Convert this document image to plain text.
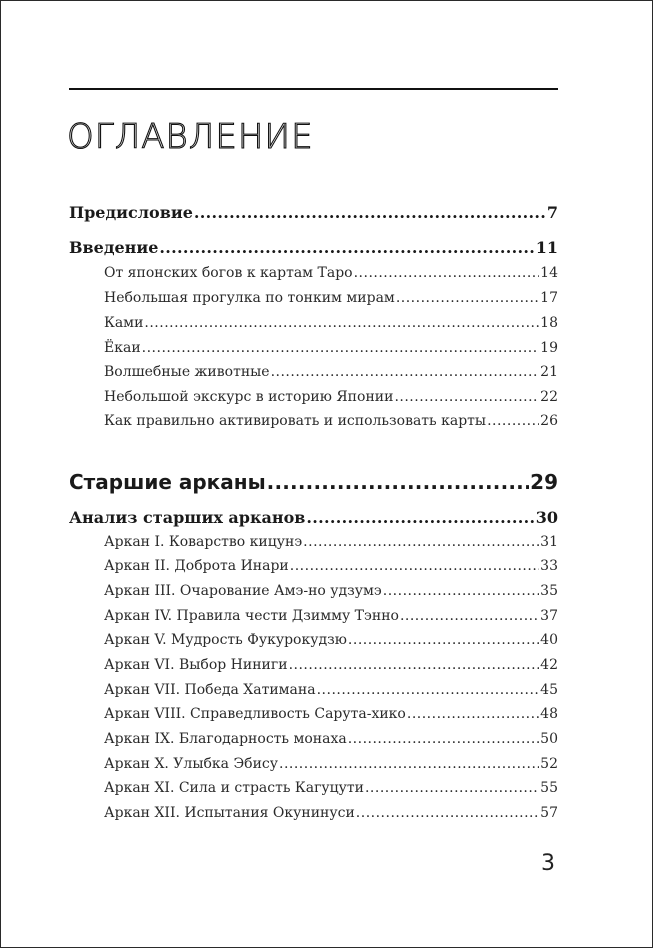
ОГЛАВЛЕНИЕ
Предисловие .....	7
Введение .....	11
От японских богов к картам Таро .....	14
Небольшая прогулка по тонким мирам .....	17
Ками .....	18
Ёкаи .....	19
Волшебные животные .....	21
Небольшой экскурс в историю Японии .....	22
Как правильно активировать и использовать карты .....	26
Старшие арканы .....	29
Анализ старших арканов .....	30
Аркан I. Коварство кицунэ .....	31
Аркан II. Доброта Инари .....	33
Аркан III. Очарование Амэ-но удзумэ .....	35
Аркан IV. Правила чести Дзимму Тэнно .....	37
Аркан V. Мудрость Фукурокудзю .....	40
Аркан VI. Выбор Ниниги .....	42
Аркан VII. Победа Хатимана .....	45
Аркан VIII. Справедливость Сарута-хико .....	48
Аркан IX. Благодарность монаха .....	50
Аркан X. Улыбка Эбису .....	52
Аркан XI. Сила и страсть Кагуцути .....	55
Аркан XII. Испытания Окунинуси .....	57
3
